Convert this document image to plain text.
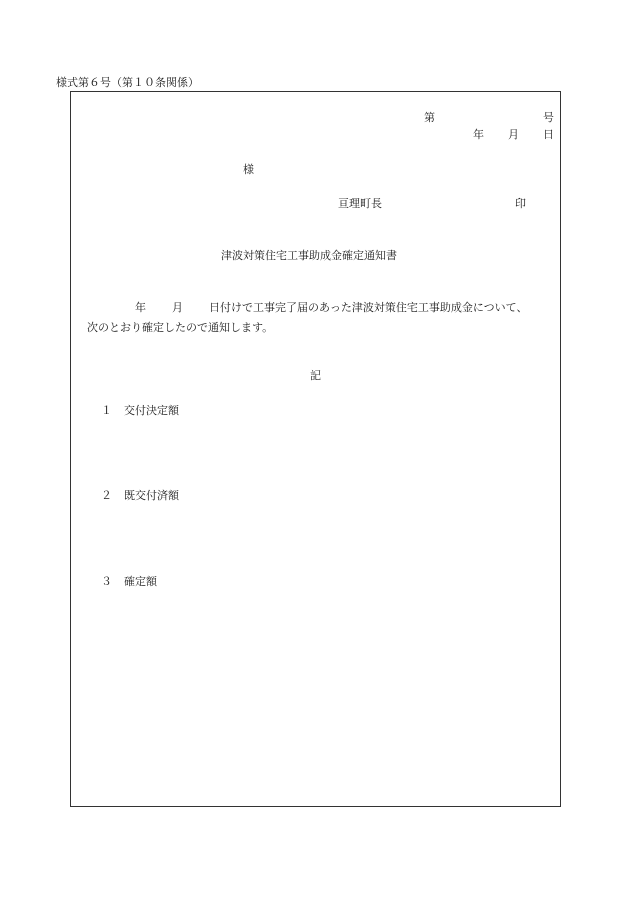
様式第６号（第１０条関係）
第	号
年 月 日
様
亘理町長	印
津波対策住宅工事助成金確定通知書
年 月 日付けで工事完了届のあった津波対策住宅工事助成金について、
次のとおり確定したので通知します。
記
１ 交付決定額
２ 既交付済額
３ 確定額
